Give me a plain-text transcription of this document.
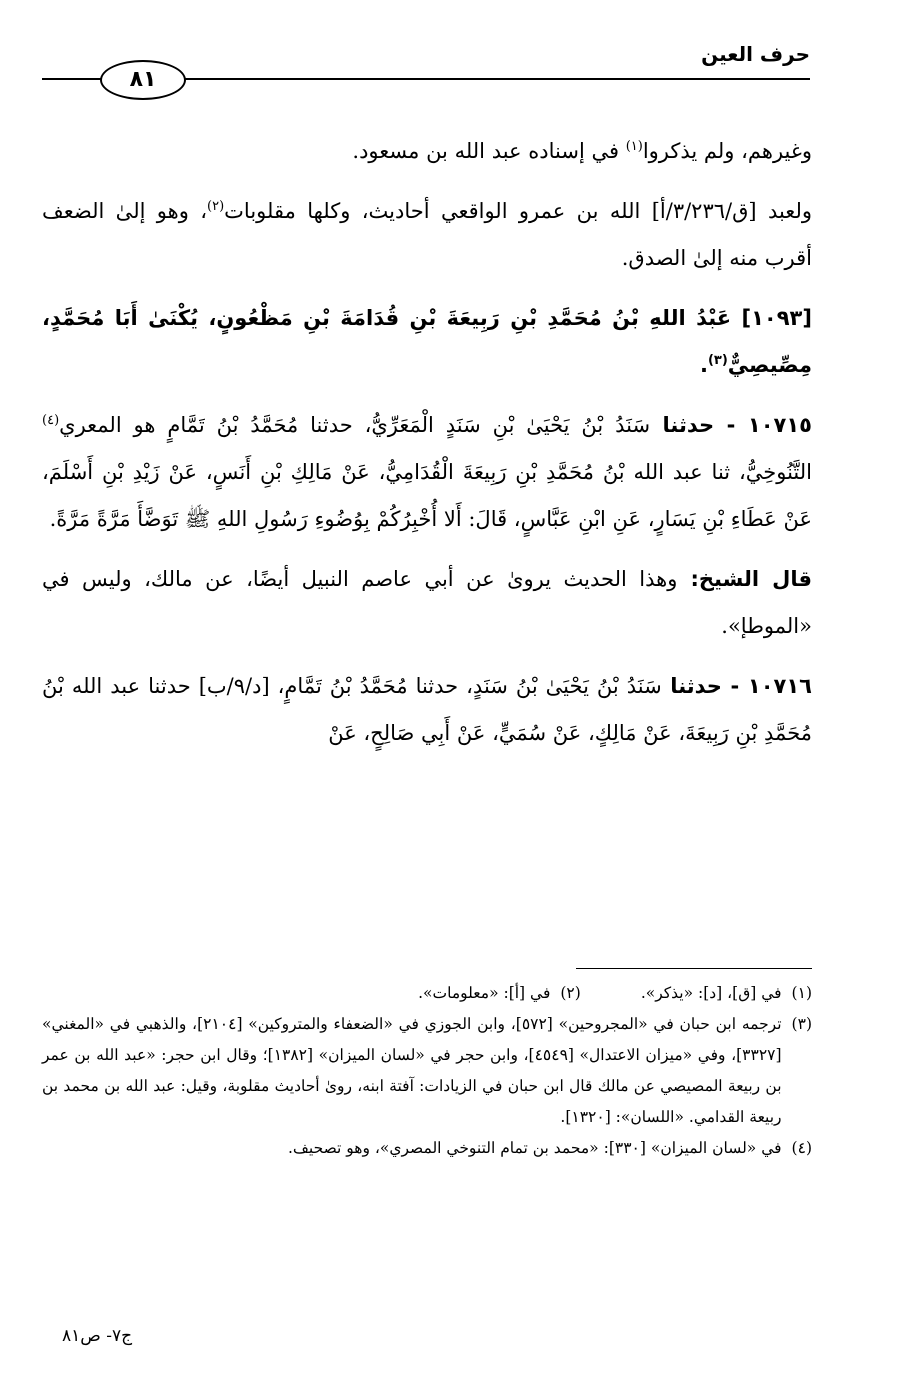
حرف العين
٨١

وغيرهم، ولم يذكروا$^{(١)}$ في إسناده عبد الله بن مسعود.

ولعبد [ق/٣/٢٣٦/أ] الله بن عمرو الواقعي أحاديث، وكلها مقلوبات$^{(٢)}$، وهو إلىٰ الضعف أقرب منه إلىٰ الصدق.

[١٠٩٣] عَبْدُ اللهِ بْنُ مُحَمَّدِ بْنِ رَبِيعَةَ بْنِ قُدَامَةَ بْنِ مَظْعُونٍ، يُكْنَىٰ أَبَا مُحَمَّدٍ، مِصِّيصِيٌّ$^{(٣)}$.

١٠٧١٥ - حدثنا سَنَدُ بْنُ يَحْيَىٰ بْنِ سَنَدٍ الْمَعَرِّيُّ، حدثنا مُحَمَّدُ بْنُ تَمَّامٍ هو المعري$^{(٤)}$ التَّنُوخِيُّ، ثنا عبد الله بْنُ مُحَمَّدِ بْنِ رَبِيعَةَ الْقُدَامِيُّ، عَنْ مَالِكِ بْنِ أَنَسٍ، عَنْ زَيْدِ بْنِ أَسْلَمَ، عَنْ عَطَاءِ بْنِ يَسَارٍ، عَنِ ابْنِ عَبَّاسٍ، قَالَ: أَلا أُخْبِرُكُمْ بِوُضُوءِ رَسُولِ اللهِ ﷺ تَوَضَّأَ مَرَّةً مَرَّةً.

قال الشيخ: وهذا الحديث يروىٰ عن أبي عاصم النبيل أيضًا، عن مالك، وليس في «الموطإ».

١٠٧١٦ - حدثنا سَنَدُ بْنُ يَحْيَىٰ بْنُ سَنَدٍ، حدثنا مُحَمَّدُ بْنُ تَمَّامٍ، [د/٩/ب] حدثنا عبد الله بْنُ مُحَمَّدِ بْنِ رَبِيعَةَ، عَنْ مَالِكٍ، عَنْ سُمَيٍّ، عَنْ أَبِي صَالِحٍ، عَنْ

(١)
في [ق]، [د]: «يذكر».
(٢)
في [أ]: «معلومات».
(٣)
ترجمه ابن حبان في «المجروحين» [٥٧٢]، وابن الجوزي في «الضعفاء والمتروكين» [٢١٠٤]، والذهبي في «المغني» [٣٣٢٧]، وفي «ميزان الاعتدال» [٤٥٤٩]، وابن حجر في «لسان الميزان» [١٣٨٢]؛ وقال ابن حجر: «عبد الله بن عمر بن ربيعة المصيصي عن مالك قال ابن حبان في الزيادات: آفتة ابنه، روىٰ أحاديث مقلوبة، وقيل: عبد الله بن محمد بن ربيعة القدامي. «اللسان»: [١٣٢٠].
(٤)
في «لسان الميزان» [٣٣٠]: «محمد بن تمام التنوخي المصري»، وهو تصحيف.
ج٧- ص٨١
